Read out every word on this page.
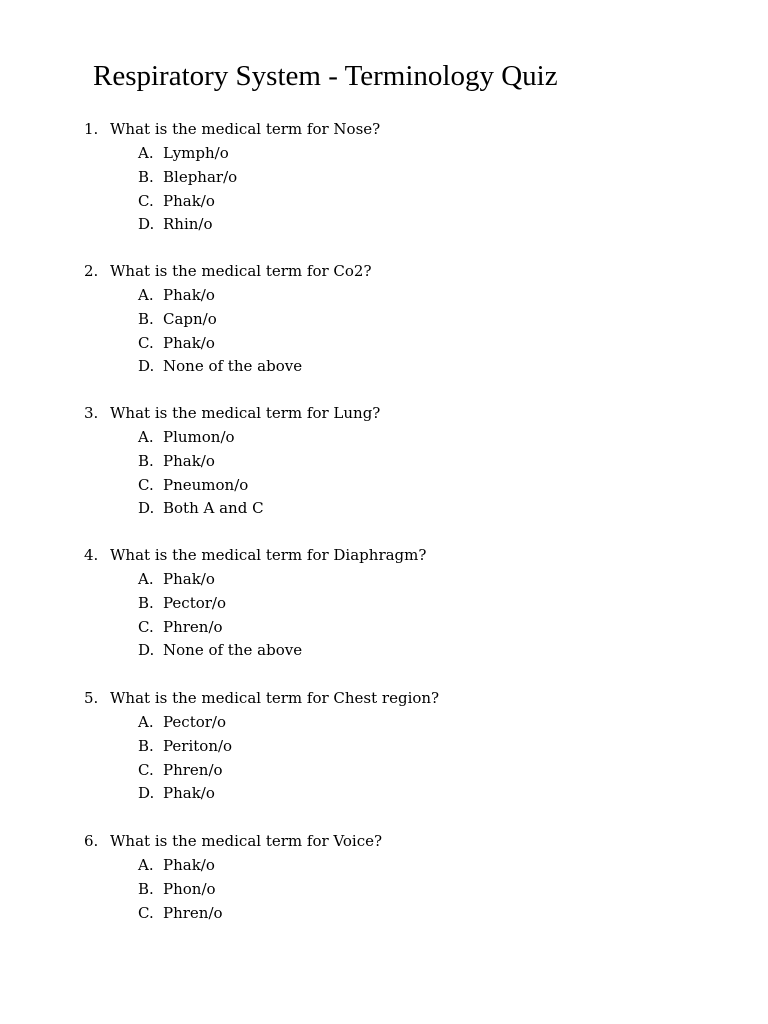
Respiratory System - Terminology Quiz
1. What is the medical term for Nose?
A. Lymph/o
B. Blephar/o
C. Phak/o
D. Rhin/o
2. What is the medical term for Co2?
A. Phak/o
B. Capn/o
C. Phak/o
D. None of the above
3. What is the medical term for Lung?
A. Plumon/o
B. Phak/o
C. Pneumon/o
D. Both A and C
4. What is the medical term for Diaphragm?
A. Phak/o
B. Pector/o
C. Phren/o
D. None of the above
5. What is the medical term for Chest region?
A. Pector/o
B. Periton/o
C. Phren/o
D. Phak/o
6. What is the medical term for Voice?
A. Phak/o
B. Phon/o
C. Phren/o
